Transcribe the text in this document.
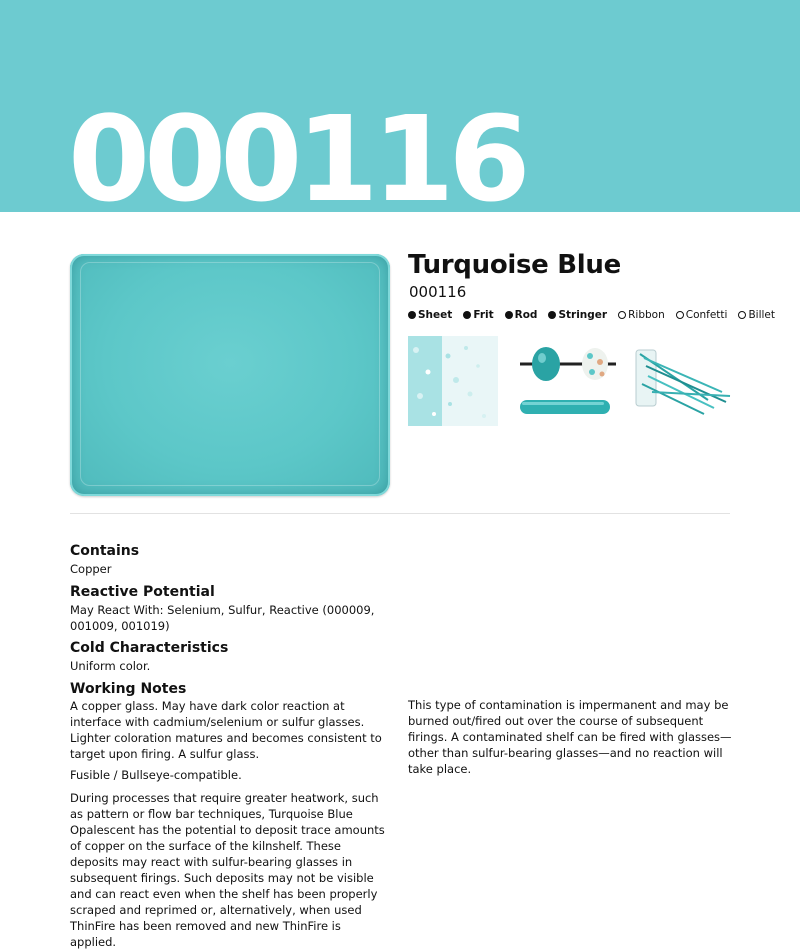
000116
Turquoise Blue
000116
Sheet Frit Rod Stringer Ribbon Confetti Billet
Contains
Copper
Reactive Potential
May React With: Selenium, Sulfur, Reactive (000009, 001009, 001019)
Cold Characteristics
Uniform color.
Working Notes
A copper glass. May have dark color reaction at interface with cadmium/selenium or sulfur glasses. Lighter coloration matures and becomes consistent to target upon firing. A sulfur glass.
Fusible / Bullseye-compatible.
During processes that require greater heatwork, such as pattern or flow bar techniques, Turquoise Blue Opalescent has the potential to deposit trace amounts of copper on the surface of the kilnshelf. These deposits may react with sulfur-bearing glasses in subsequent firings. Such deposits may not be visible and can react even when the shelf has been properly scraped and reprimed or, alternatively, when used ThinFire has been removed and new ThinFire is applied.
This type of contamination is impermanent and may be burned out/fired out over the course of subsequent firings. A contaminated shelf can be fired with glasses—other than sulfur-bearing glasses—and no reaction will take place.
